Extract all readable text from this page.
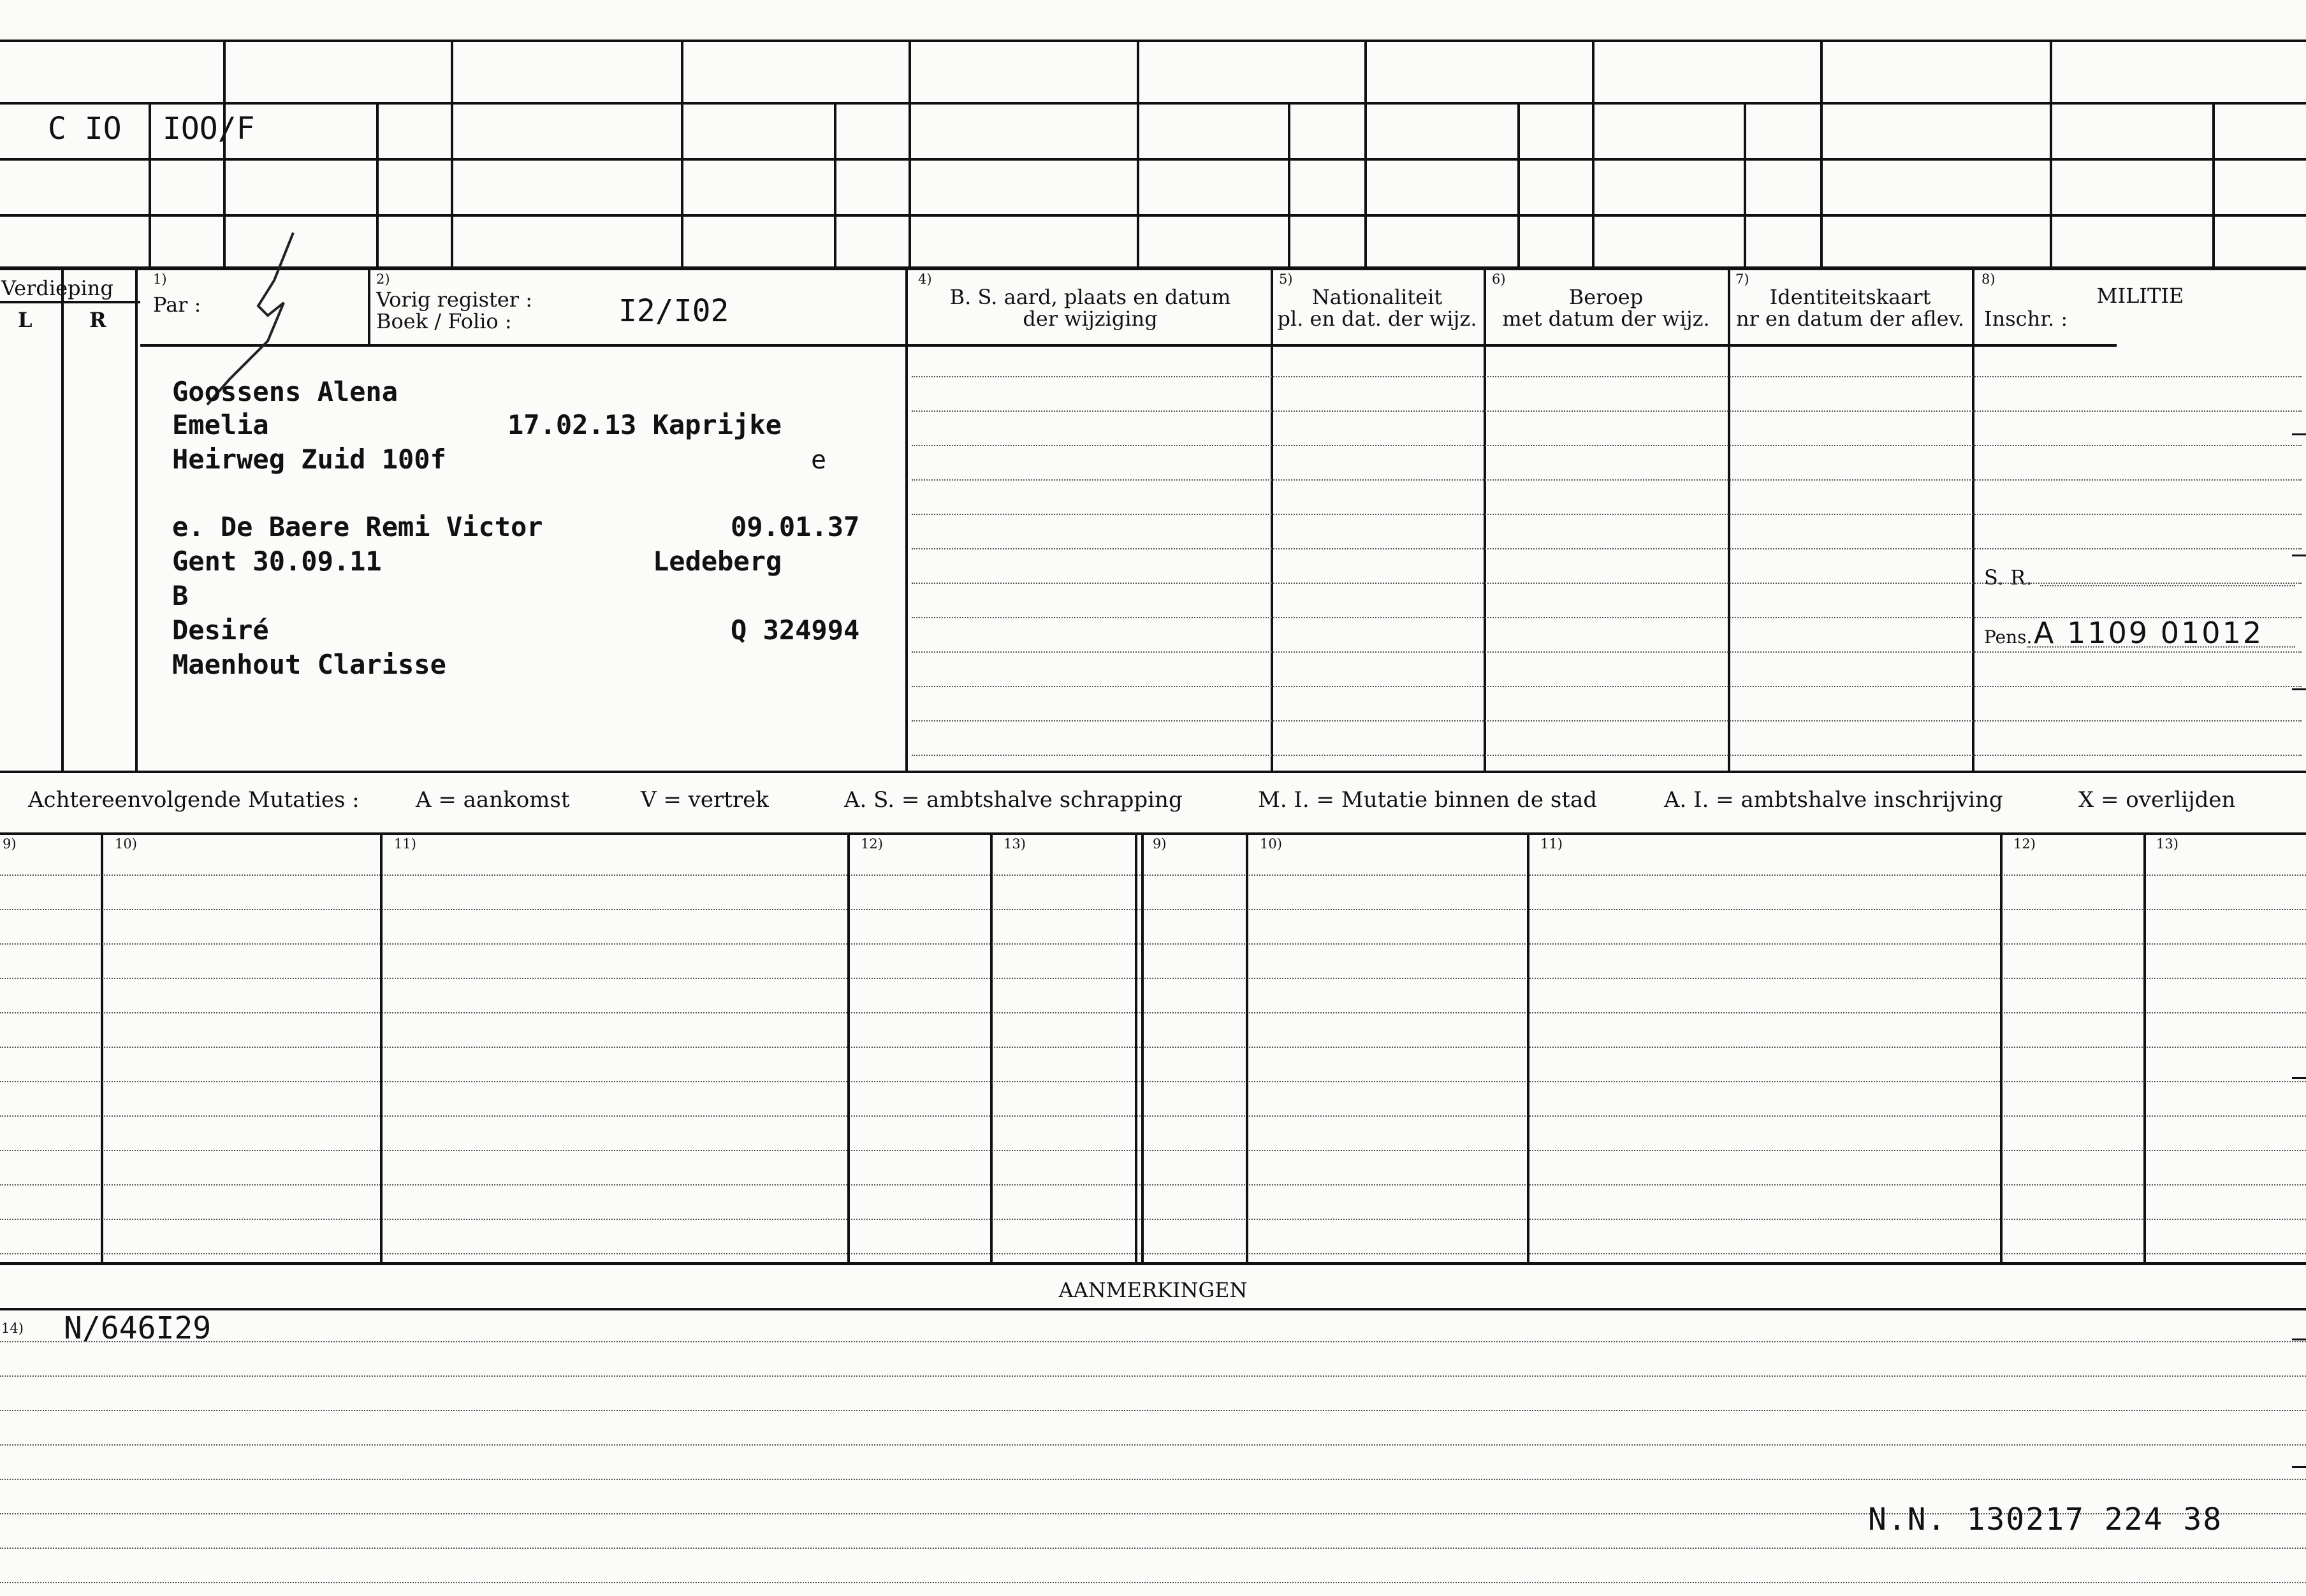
C IO IOO/F
Verdieping
L	R
1)
Par :
2)
Vorig register :
Boek / Folio :	I2/I02
4)
B. S. aard, plaats en datum
der wijziging
5)
Nationaliteit
pl. en dat. der wijz.
6)
Beroep
met datum der wijz.
7)
Identiteitskaart
nr en datum der aflev.
8)
MILITIE
Inschr. :
S. R.
Pens. A 1109 01012
Goossens Alena
Emelia	17.02.13 Kaprijke
Heirweg Zuid 100f	e
e. De Baere Remi Victor	09.01.37
Gent 30.09.11	Ledeberg
B
Desiré	Q 324994
Maenhout Clarisse
Achtereenvolgende Mutaties :	A = aankomst	V = vertrek	A. S. = ambtshalve schrapping	M. I. = Mutatie binnen de stad	A. I. = ambtshalve inschrijving	X = overlijden
9)	10)	11)	12)	13)	9)	10)	11)	12)	13)
AANMERKINGEN
14) N/646I29
N.N. 130217 224 38
